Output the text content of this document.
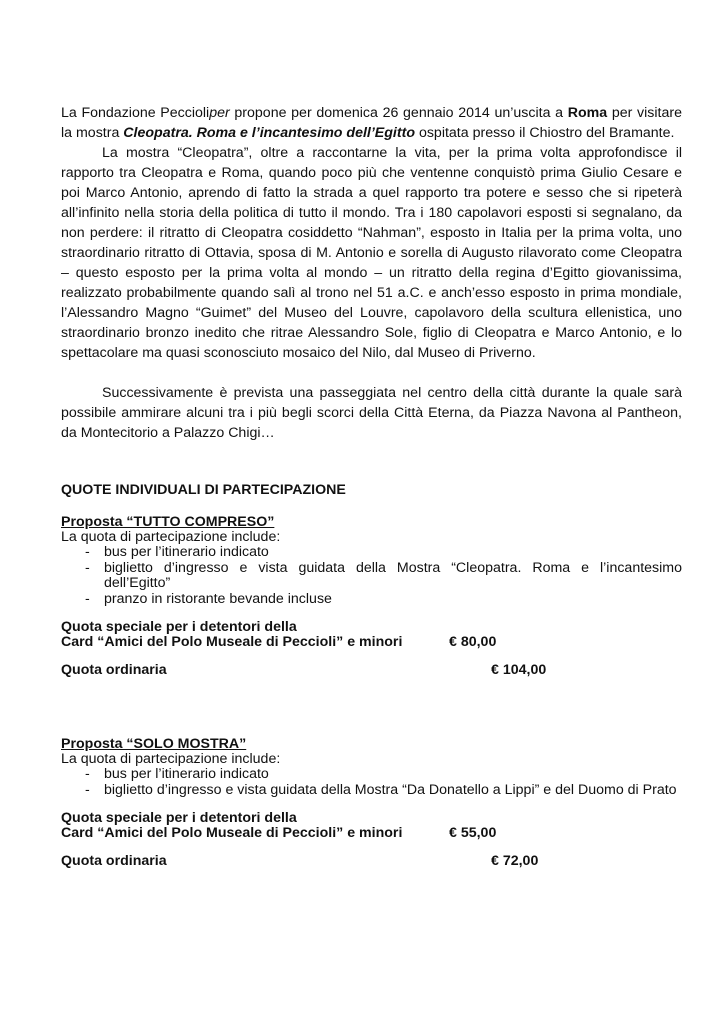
La Fondazione Peccioliper propone per domenica 26 gennaio 2014 un’uscita a Roma per visitare la mostra Cleopatra. Roma e l’incantesimo dell’Egitto ospitata presso il Chiostro del Bramante.

La mostra “Cleopatra”, oltre a raccontarne la vita, per la prima volta approfondisce il rapporto tra Cleopatra e Roma, quando poco più che ventenne conquistò prima Giulio Cesare e poi Marco Antonio, aprendo di fatto la strada a quel rapporto tra potere e sesso che si ripeterà all’infinito nella storia della politica di tutto il mondo. Tra i 180 capolavori esposti si segnalano, da non perdere: il ritratto di Cleopatra cosiddetto “Nahman”, esposto in Italia per la prima volta, uno straordinario ritratto di Ottavia, sposa di M. Antonio e sorella di Augusto rilavorato come Cleopatra – questo esposto per la prima volta al mondo – un ritratto della regina d’Egitto giovanissima, realizzato probabilmente quando salì al trono nel 51 a.C. e anch’esso esposto in prima mondiale, l’Alessandro Magno “Guimet” del Museo del Louvre, capolavoro della scultura ellenistica, uno straordinario bronzo inedito che ritrae Alessandro Sole, figlio di Cleopatra e Marco Antonio, e lo spettacolare ma quasi sconosciuto mosaico del Nilo, dal Museo di Priverno.

Successivamente è prevista una passeggiata nel centro della città durante la quale sarà possibile ammirare alcuni tra i più begli scorci della Città Eterna, da Piazza Navona al Pantheon, da Montecitorio a Palazzo Chigi…

QUOTE INDIVIDUALI DI PARTECIPAZIONE

Proposta “TUTTO COMPRESO”

La quota di partecipazione include:

- bus per l’itinerario indicato
- biglietto d’ingresso e vista guidata della Mostra “Cleopatra. Roma e l’incantesimo dell’Egitto”
- pranzo in ristorante bevande incluse
Quota speciale per i detentori della
Card “Amici del Polo Museale di Peccioli” e minori	€ 80,00
Quota ordinaria	€ 104,00

Proposta “SOLO MOSTRA”

La quota di partecipazione include:

- bus per l’itinerario indicato
- biglietto d’ingresso e vista guidata della Mostra “Da Donatello a Lippi” e del Duomo di Prato
Quota speciale per i detentori della
Card “Amici del Polo Museale di Peccioli” e minori	€ 55,00
Quota ordinaria	€ 72,00
